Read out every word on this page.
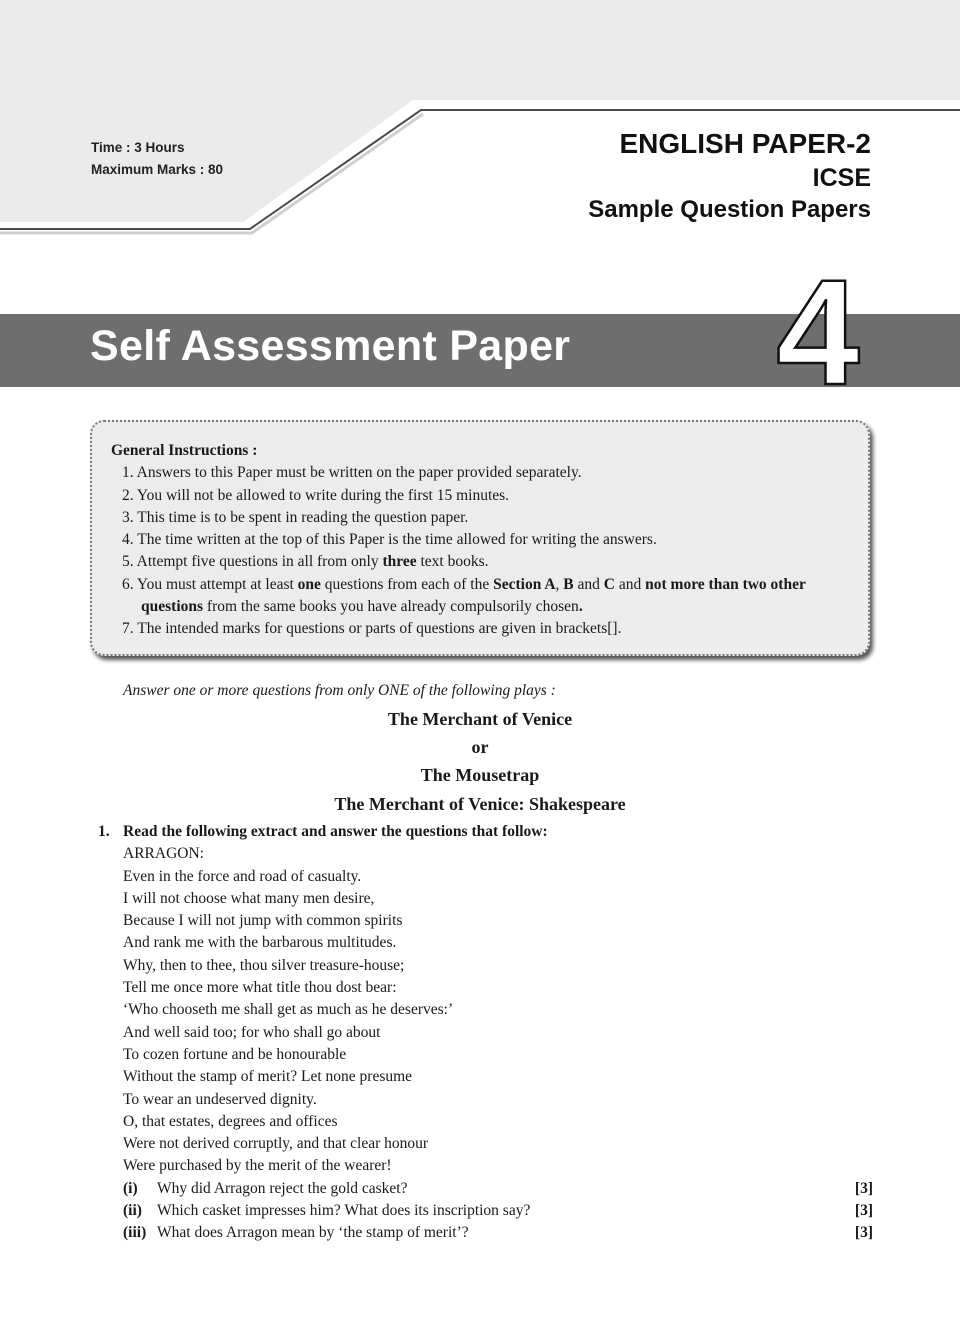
Time : 3 Hours
Maximum Marks : 80
ENGLISH PAPER-2
ICSE
Sample Question Papers
Self Assessment Paper 4
General Instructions :
1. Answers to this Paper must be written on the paper provided separately.
2. You will not be allowed to write during the first 15 minutes.
3. This time is to be spent in reading the question paper.
4. The time written at the top of this Paper is the time allowed for writing the answers.
5. Attempt five questions in all from only three text books.
6. You must attempt at least one questions from each of the Section A, B and C and not more than two other questions from the same books you have already compulsorily chosen.
7. The intended marks for questions or parts of questions are given in brackets[].
Answer one or more questions from only ONE of the following plays :
The Merchant of Venice
or
The Mousetrap
The Merchant of Venice: Shakespeare
1. Read the following extract and answer the questions that follow:
ARRAGON:
Even in the force and road of casualty.
I will not choose what many men desire,
Because I will not jump with common spirits
And rank me with the barbarous multitudes.
Why, then to thee, thou silver treasure-house;
Tell me once more what title thou dost bear:
‘Who chooseth me shall get as much as he deserves:’
And well said too; for who shall go about
To cozen fortune and be honourable
Without the stamp of merit? Let none presume
To wear an undeserved dignity.
O, that estates, degrees and offices
Were not derived corruptly, and that clear honour
Were purchased by the merit of the wearer!
(i) Why did Arragon reject the gold casket?	[3]
(ii) Which casket impresses him? What does its inscription say?	[3]
(iii) What does Arragon mean by ‘the stamp of merit’?	[3]
